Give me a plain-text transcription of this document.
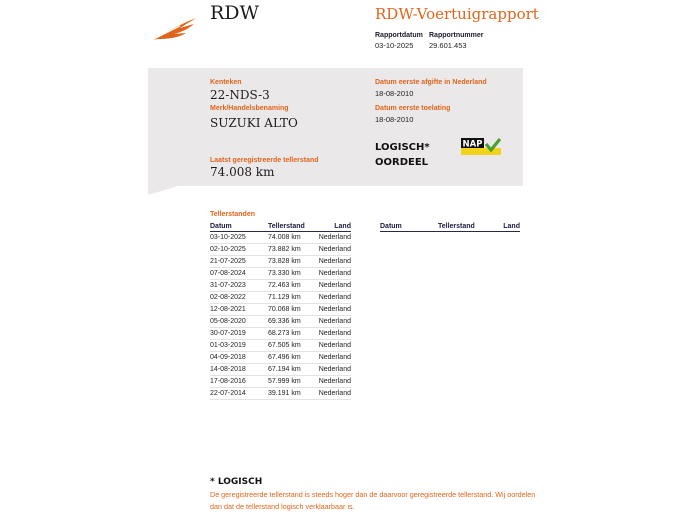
RDW	RDW-Voertuigrapport
Rapportdatum
03-10-2025
Rapportnummer
29.601.453
Kenteken
22-NDS-3
Merk/Handelsbenaming
SUZUKI ALTO
Laatst geregistreerde tellerstand
74.008 km
Datum eerste afgifte in Nederland
18-08-2010
Datum eerste toelating
18-08-2010
LOGISCH*
OORDEEL
NAP
Tellerstanden
Datum	Tellerstand	Land
03-10-2025	74.008 km	Nederland
02-10-2025	73.882 km	Nederland
21-07-2025	73.828 km	Nederland
07-08-2024	73.330 km	Nederland
31-07-2023	72.463 km	Nederland
02-08-2022	71.129 km	Nederland
12-08-2021	70.068 km	Nederland
05-08-2020	69.336 km	Nederland
30-07-2019	68.273 km	Nederland
01-03-2019	67.505 km	Nederland
04-09-2018	67.496 km	Nederland
14-08-2018	67.194 km	Nederland
17-08-2016	57.999 km	Nederland
22-07-2014	39.191 km	Nederland
Datum	Tellerstand	Land
* LOGISCH
De geregistreerde tellerstand is steeds hoger dan de daarvoor geregistreerde tellerstand. Wij oordelen dan dat de tellerstand logisch verklaarbaar is.
